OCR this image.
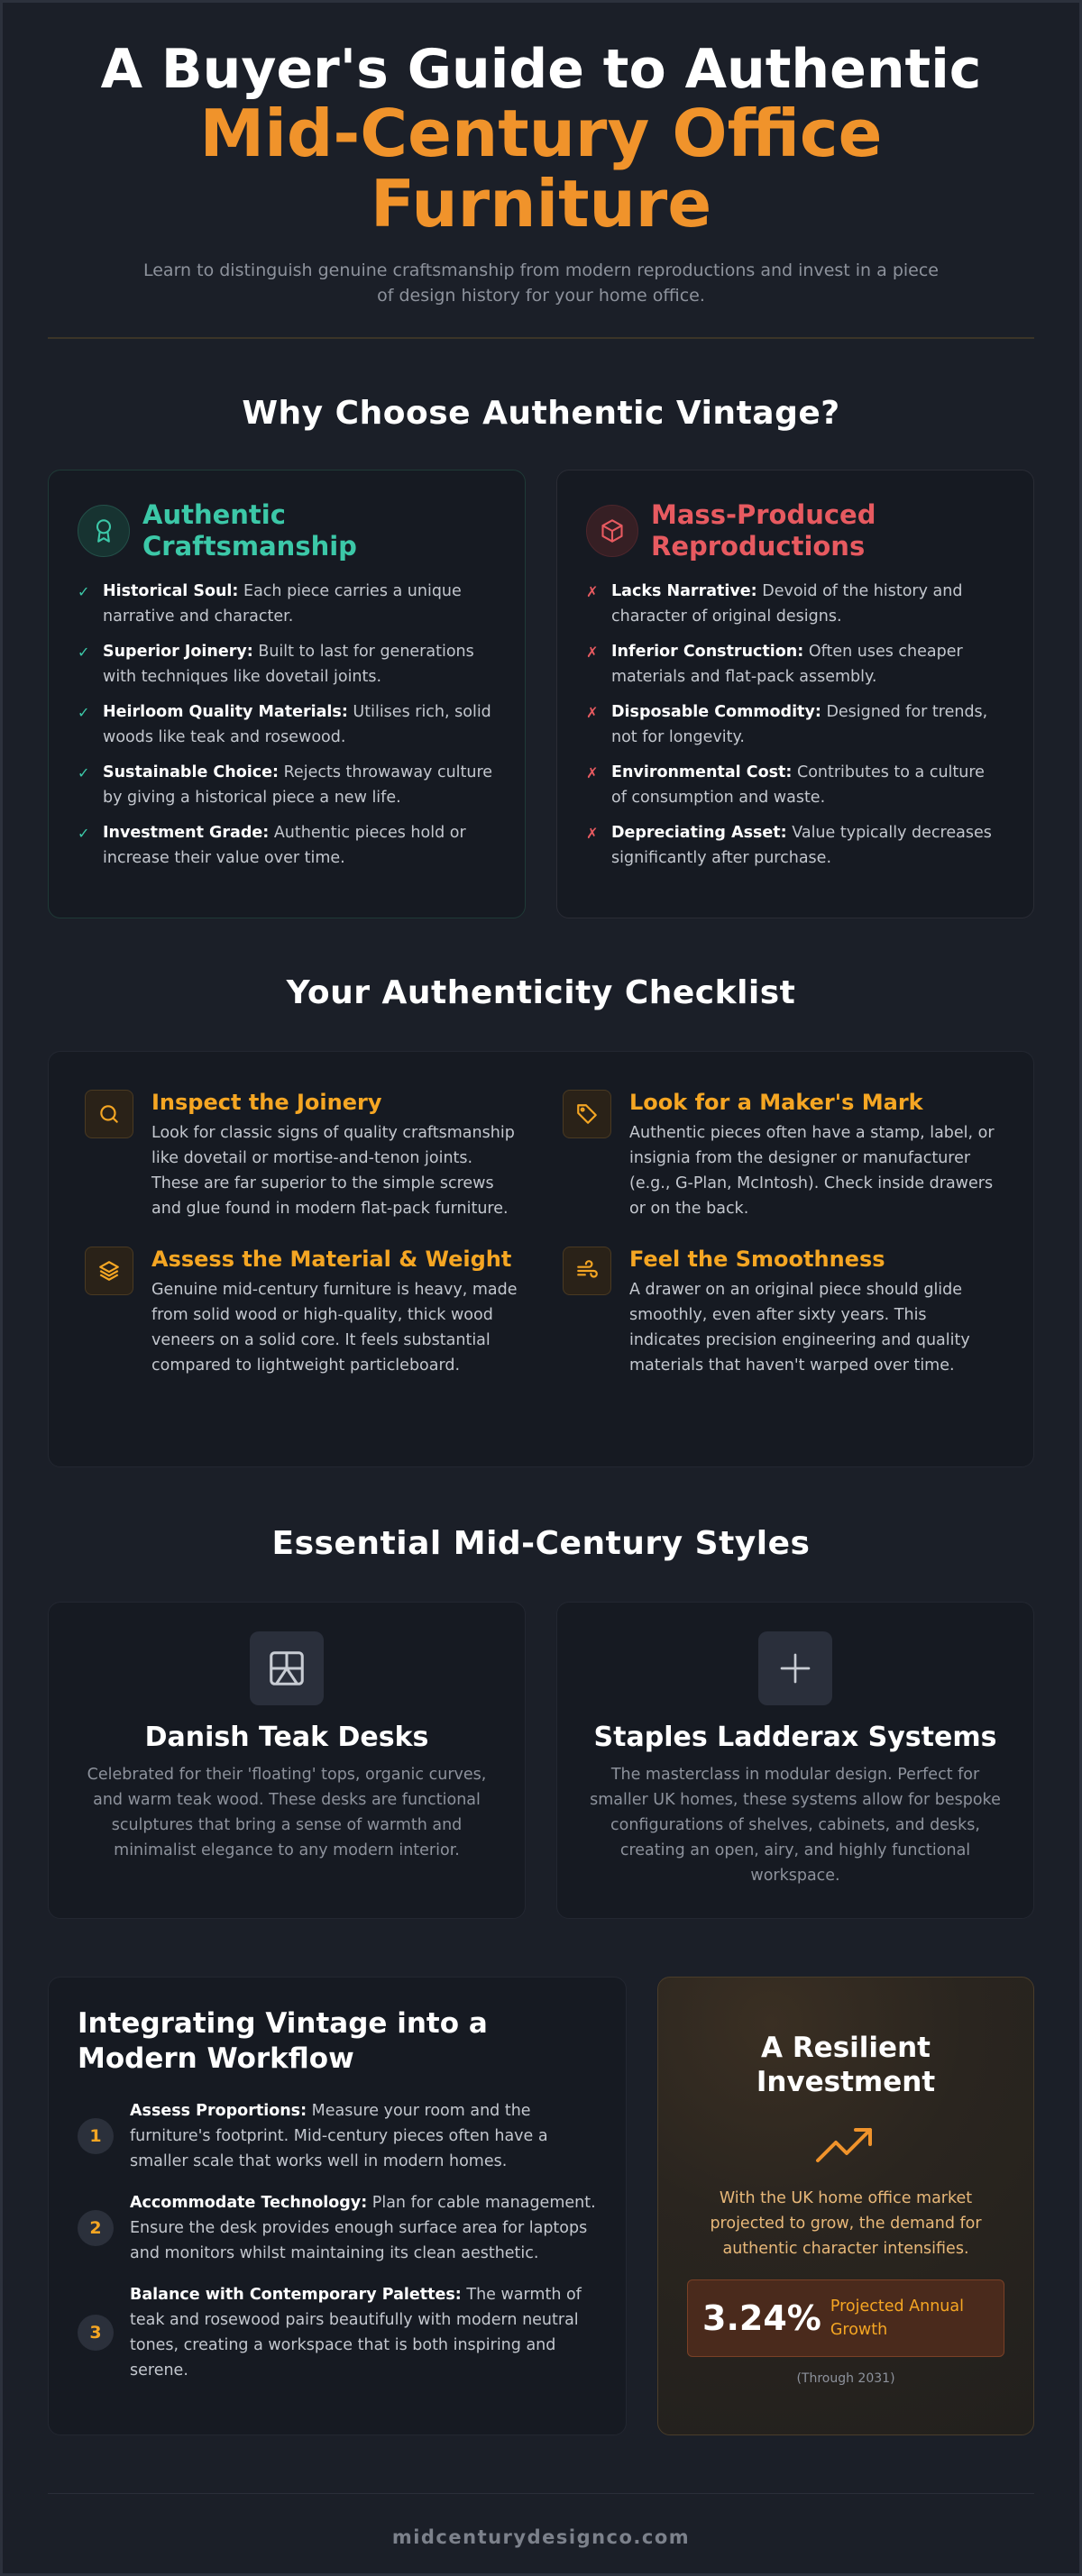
A Buyer's Guide to Authentic
Mid-Century Office
Furniture

Learn to distinguish genuine craftsmanship from modern reproductions and invest in a piece of design history for your home office.

Why Choose Authentic Vintage?
Authentic Craftsmanship
✓ Historical Soul: Each piece carries a unique narrative and character.
✓ Superior Joinery: Built to last for generations with techniques like dovetail joints.
✓ Heirloom Quality Materials: Utilises rich, solid woods like teak and rosewood.
✓ Sustainable Choice: Rejects throwaway culture by giving a historical piece a new life.
✓ Investment Grade: Authentic pieces hold or increase their value over time.
Mass-Produced Reproductions
✗ Lacks Narrative: Devoid of the history and character of original designs.
✗ Inferior Construction: Often uses cheaper materials and flat-pack assembly.
✗ Disposable Commodity: Designed for trends, not for longevity.
✗ Environmental Cost: Contributes to a culture of consumption and waste.
✗ Depreciating Asset: Value typically decreases significantly after purchase.
Your Authenticity Checklist
Inspect the Joinery

Look for classic signs of quality craftsmanship like dovetail or mortise-and-tenon joints. These are far superior to the simple screws and glue found in modern flat-pack furniture.

Look for a Maker's Mark

Authentic pieces often have a stamp, label, or insignia from the designer or manufacturer (e.g., G-Plan, McIntosh). Check inside drawers or on the back.

Assess the Material & Weight

Genuine mid-century furniture is heavy, made from solid wood or high-quality, thick wood veneers on a solid core. It feels substantial compared to lightweight particleboard.

Feel the Smoothness

A drawer on an original piece should glide smoothly, even after sixty years. This indicates precision engineering and quality materials that haven't warped over time.

Essential Mid-Century Styles
Danish Teak Desks

Celebrated for their 'floating' tops, organic curves, and warm teak wood. These desks are functional sculptures that bring a sense of warmth and minimalist elegance to any modern interior.

Staples Ladderax Systems

The masterclass in modular design. Perfect for smaller UK homes, these systems allow for bespoke configurations of shelves, cabinets, and desks, creating an open, airy, and highly functional workspace.

Integrating Vintage into a Modern Workflow
1

Assess Proportions: Measure your room and the furniture's footprint. Mid-century pieces often have a smaller scale that works well in modern homes.

2

Accommodate Technology: Plan for cable management. Ensure the desk provides enough surface area for laptops and monitors whilst maintaining its clean aesthetic.

3

Balance with Contemporary Palettes: The warmth of teak and rosewood pairs beautifully with modern neutral tones, creating a workspace that is both inspiring and serene.

A Resilient Investment

With the UK home office market projected to grow, the demand for authentic character intensifies.

3.24% Projected Annual Growth
(Through 2031)
midcenturydesignco.com
